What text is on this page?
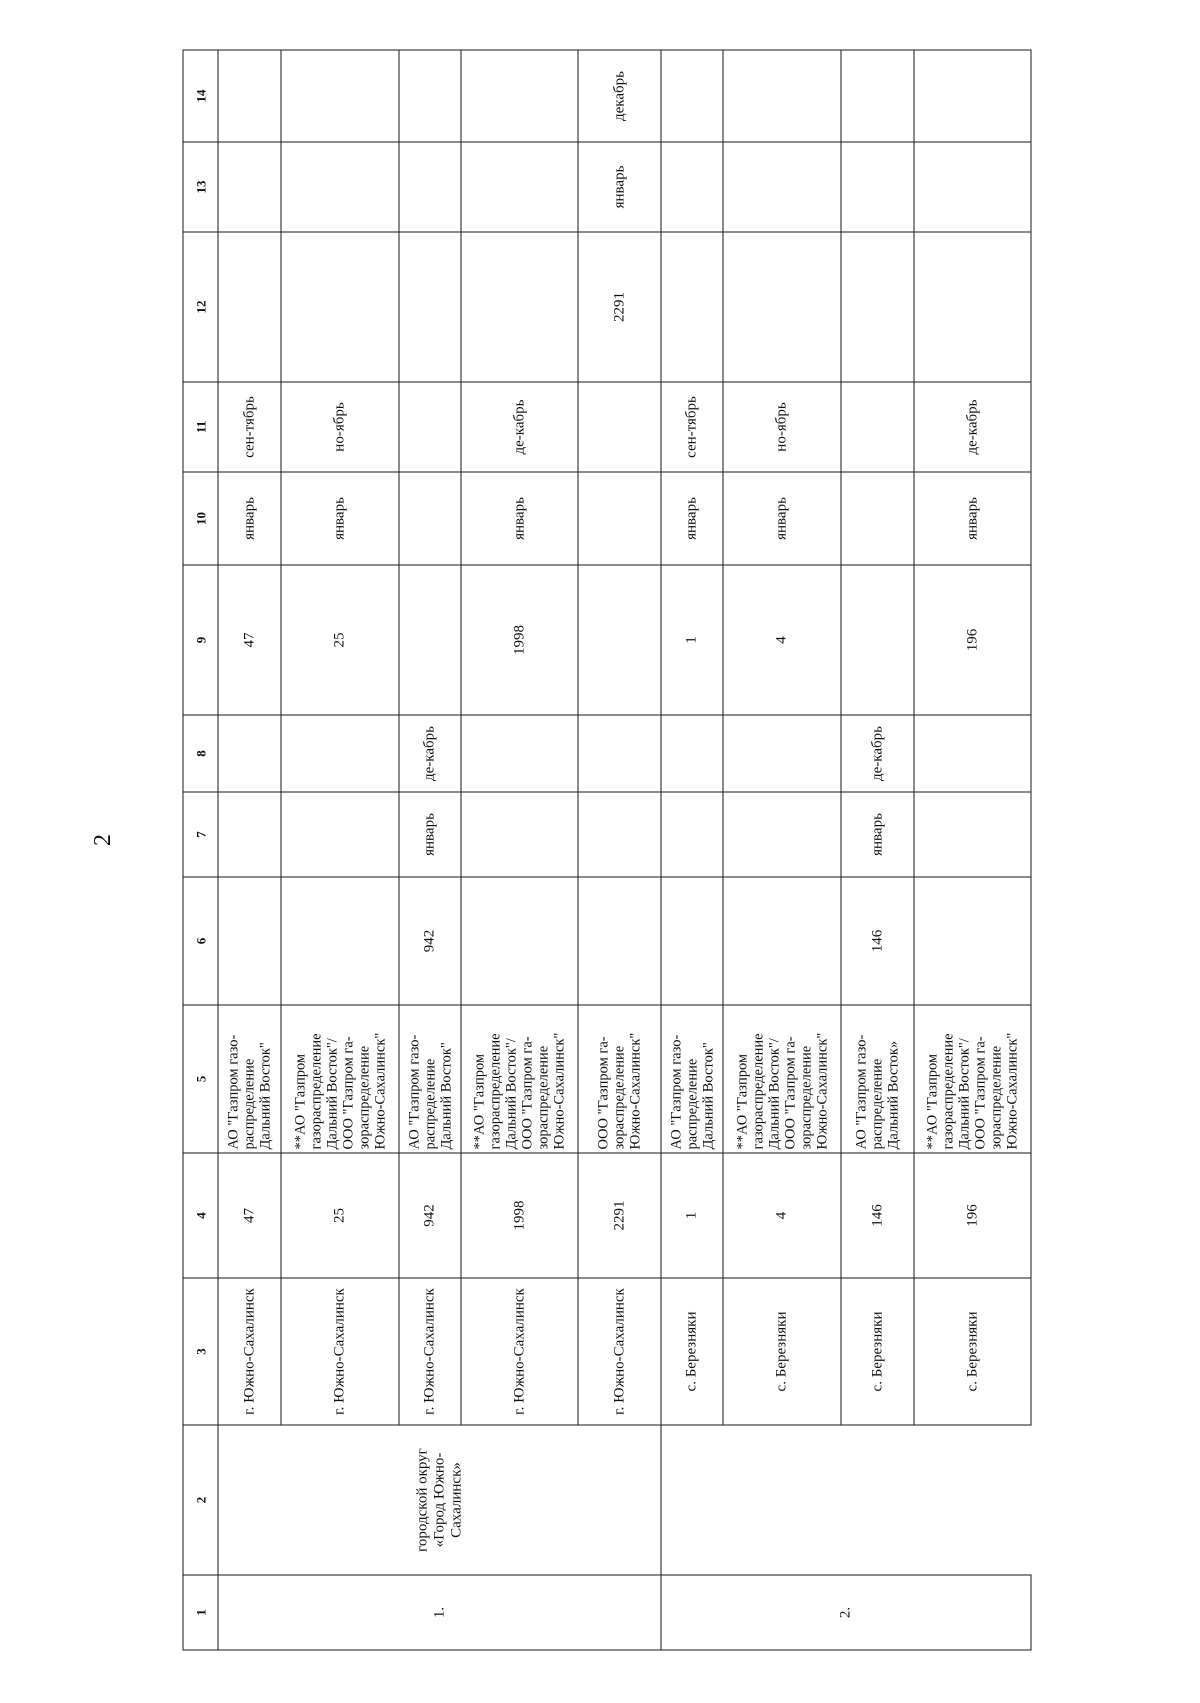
2
1	2	3	4	5	6	7	8	9	10	11	12	13	14
1.	городской округ «Город Южно-Сахалинск»	г. Южно-Сахалинск	47	АО "Газпром газо-распределение Дальний Восток"				47	январь	сен-тябрь			
		г. Южно-Сахалинск	25	**АО "Газпром газораспределение Дальний Восток"/ ООО "Газпром га-зораспределение Южно-Сахалинск"				25	январь	но-ябрь			
		г. Южно-Сахалинск	942	АО "Газпром газо-распределение Дальний Восток"	942	январь	де-кабрь						
		г. Южно-Сахалинск	1998	**АО "Газпром газораспределение Дальний Восток"/ ООО "Газпром га-зораспределение Южно-Сахалинск"				1998	январь	де-кабрь			
		г. Южно-Сахалинск	2291	ООО "Газпром га-зораспределение Южно-Сахалинск"							2291	январь	декабрь
2.		с. Березняки	1	АО "Газпром газо-распределение Дальний Восток"				1	январь	сен-тябрь			
		с. Березняки	4	**АО "Газпром газораспределение Дальний Восток"/ ООО "Газпром га-зораспределение Южно-Сахалинск"				4	январь	но-ябрь			
		с. Березняки	146	АО "Газпром газо-распределение Дальний Восток»	146	январь	де-кабрь						
		с. Березняки	196	**АО "Газпром газораспределение Дальний Восток"/ ООО "Газпром га-зораспределение Южно-Сахалинск"				196	январь	де-кабрь			
